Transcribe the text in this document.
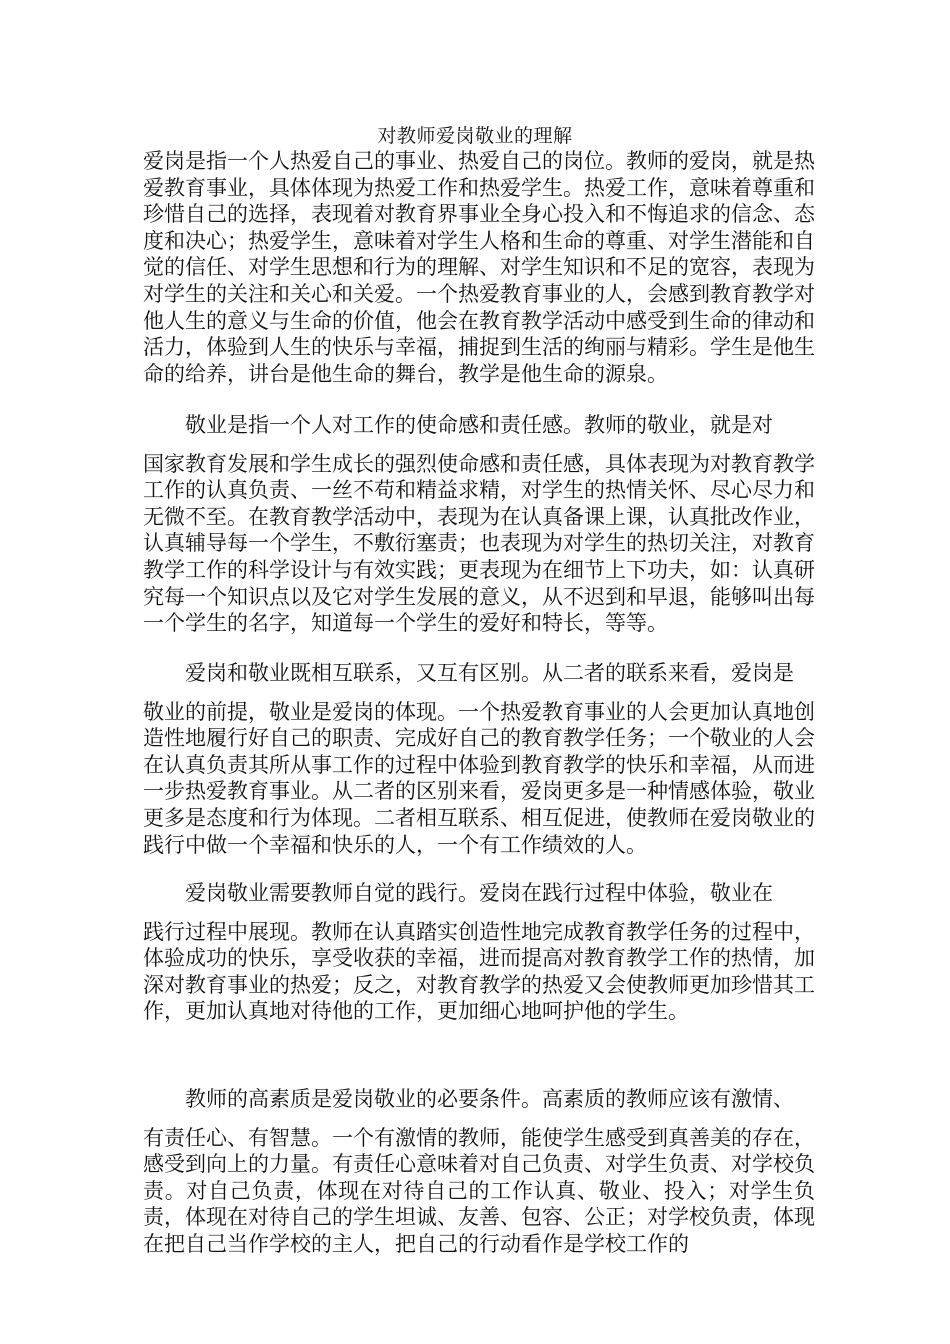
对教师爱岗敬业的理解

爱岗是指一个人热爱自己的事业、热爱自己的岗位。教师的爱岗，就是热爱教育事业，具体体现为热爱工作和热爱学生。热爱工作，意味着尊重和珍惜自己的选择，表现着对教育界事业全身心投入和不悔追求的信念、态度和决心；热爱学生，意味着对学生人格和生命的尊重、对学生潜能和自觉的信任、对学生思想和行为的理解、对学生知识和不足的宽容，表现为对学生的关注和关心和关爱。一个热爱教育事业的人，会感到教育教学对他人生的意义与生命的价值，他会在教育教学活动中感受到生命的律动和活力，体验到人生的快乐与幸福，捕捉到生活的绚丽与精彩。学生是他生命的给养，讲台是他生命的舞台，教学是他生命的源泉。

敬业是指一个人对工作的使命感和责任感。教师的敬业，就是对
国家教育发展和学生成长的强烈使命感和责任感，具体表现为对教育教学工作的认真负责、一丝不苟和精益求精，对学生的热情关怀、尽心尽力和无微不至。在教育教学活动中，表现为在认真备课上课，认真批改作业，认真辅导每一个学生，不敷衍塞责；也表现为对学生的热切关注，对教育教学工作的科学设计与有效实践；更表现为在细节上下功夫，如：认真研究每一个知识点以及它对学生发展的意义，从不迟到和早退，能够叫出每一个学生的名字，知道每一个学生的爱好和特长，等等。

爱岗和敬业既相互联系，又互有区别。从二者的联系来看，爱岗是
敬业的前提，敬业是爱岗的体现。一个热爱教育事业的人会更加认真地创造性地履行好自己的职责、完成好自己的教育教学任务；一个敬业的人会在认真负责其所从事工作的过程中体验到教育教学的快乐和幸福，从而进一步热爱教育事业。从二者的区别来看，爱岗更多是一种情感体验，敬业更多是态度和行为体现。二者相互联系、相互促进，使教师在爱岗敬业的践行中做一个幸福和快乐的人，一个有工作绩效的人。

爱岗敬业需要教师自觉的践行。爱岗在践行过程中体验，敬业在
践行过程中展现。教师在认真踏实创造性地完成教育教学任务的过程中，体验成功的快乐，享受收获的幸福，进而提高对教育教学工作的热情，加深对教育事业的热爱；反之，对教育教学的热爱又会使教师更加珍惜其工作，更加认真地对待他的工作，更加细心地呵护他的学生。

教师的高素质是爱岗敬业的必要条件。高素质的教师应该有激情、
有责任心、有智慧。一个有激情的教师，能使学生感受到真善美的存在，感受到向上的力量。有责任心意味着对自己负责、对学生负责、对学校负责。对自己负责，体现在对待自己的工作认真、敬业、投入；对学生负责，体现在对待自己的学生坦诚、友善、包容、公正；对学校负责，体现在把自己当作学校的主人，把自己的行动看作是学校工作的
